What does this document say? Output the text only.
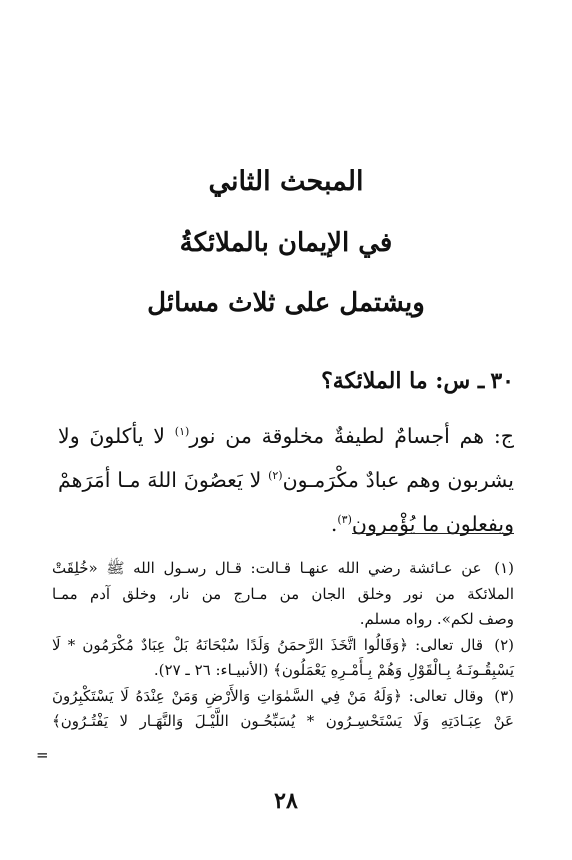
المبحث الثاني
في الإيمان بالملائكةُ
ويشتمل على ثلاث مسائل
٣٠ـ س: ما الملائكة؟
ج: هم أجسامٌ لطيفةٌ مخلوقة من نور$^{(١)}$ لا يأكلونَ ولا
يشربون وهم عبادٌ مكْرَمـون$^{(٢)}$ لا يَعصُونَ اللهَ مـا أمَرَهمْ
ويفعلون ما يُؤْمرون$^{(٣)}$.
(١) عن عـائشة رضي الله عنهـا قـالت: قـال رسـول الله ﷺ «خُلِقَتْ
الملائكة من نور وخلق الجان من مـارج من نار، وخلق آدم ممـا
وصف لكم». رواه مسلم.
(٢) قال تعالى: ﴿وَقَالُوا اتَّخَذَ الرَّحمَنُ وَلَدًا سُبْحَانَهُ بَلْ عِبَادٌ مُكْرَمُون * لَا
يَسْبِقُـونَـهُ بِـالْقَوْلِ وَهُمْ بِـأَمْـرِهِ يَعْمَلُون﴾ (الأنبيـاء: ٢٦ ـ ٢٧).
(٣) وقال تعالى: ﴿وَلَهُ مَنْ فِي السَّمٰوَاتِ وَالأَرْضِ وَمَنْ عِنْدَهُ لَا يَسْتَكْبِرُونَ
عَنْ عِبَـادَتِهِ وَلَا يَسْتَحْسِـرُون * يُسَبِّحُـون اللَّيْـلَ وَالنَّهَـار لا يَفْتُـرُون﴾
=
٢٨
